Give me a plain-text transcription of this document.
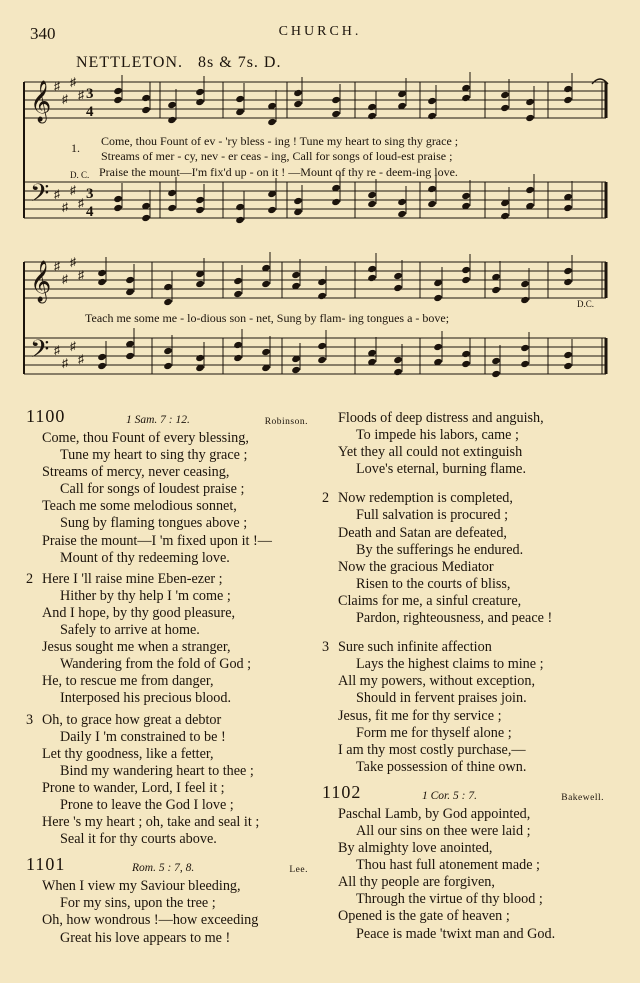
340	CHURCH.
NETTLETON. 8s & 7s. D.
𝄞
𝄢
♯
♯
♯
♯
♯
♯
♯
♯
3
4
3
4
𝄞
𝄢
♯
♯
♯
♯
♯
♯
♯
♯
1. Come, thou Fount of ev - 'ry bless - ing ! Tune my heart to sing thy grace ;
Streams of mer - cy, nev - er ceas - ing, Call for songs of loud-est praise ;
D. C. Praise the mount—I'm fix'd up - on it ! —Mount of thy re - deem-ing love.
Teach me some me - lo-dious son - net, Sung by flam- ing tongues a - bove;
D.C.
1100	1 Sam. 7 : 12.	Robinson.
Come, thou Fount of every blessing,
Tune my heart to sing thy grace ;
Streams of mercy, never ceasing,
Call for songs of loudest praise ;
Teach me some melodious sonnet,
Sung by flaming tongues above ;
Praise the mount—I 'm fixed upon it !—
Mount of thy redeeming love.
2 Here I 'll raise mine Eben-ezer ;
Hither by thy help I 'm come ;
And I hope, by thy good pleasure,
Safely to arrive at home.
Jesus sought me when a stranger,
Wandering from the fold of God ;
He, to rescue me from danger,
Interposed his precious blood.
3 Oh, to grace how great a debtor
Daily I 'm constrained to be !
Let thy goodness, like a fetter,
Bind my wandering heart to thee ;
Prone to wander, Lord, I feel it ;
Prone to leave the God I love ;
Here 's my heart ; oh, take and seal it ;
Seal it for thy courts above.
1101	Rom. 5 : 7, 8.	Lee.
When I view my Saviour bleeding,
For my sins, upon the tree ;
Oh, how wondrous !—how exceeding
Great his love appears to me !
Floods of deep distress and anguish,
To impede his labors, came ;
Yet they all could not extinguish
Love's eternal, burning flame.
2 Now redemption is completed,
Full salvation is procured ;
Death and Satan are defeated,
By the sufferings he endured.
Now the gracious Mediator
Risen to the courts of bliss,
Claims for me, a sinful creature,
Pardon, righteousness, and peace !
3 Sure such infinite affection
Lays the highest claims to mine ;
All my powers, without exception,
Should in fervent praises join.
Jesus, fit me for thy service ;
Form me for thyself alone ;
I am thy most costly purchase,—
Take possession of thine own.
1102	1 Cor. 5 : 7.	Bakewell.
Paschal Lamb, by God appointed,
All our sins on thee were laid ;
By almighty love anointed,
Thou hast full atonement made ;
All thy people are forgiven,
Through the virtue of thy blood ;
Opened is the gate of heaven ;
Peace is made 'twixt man and God.
